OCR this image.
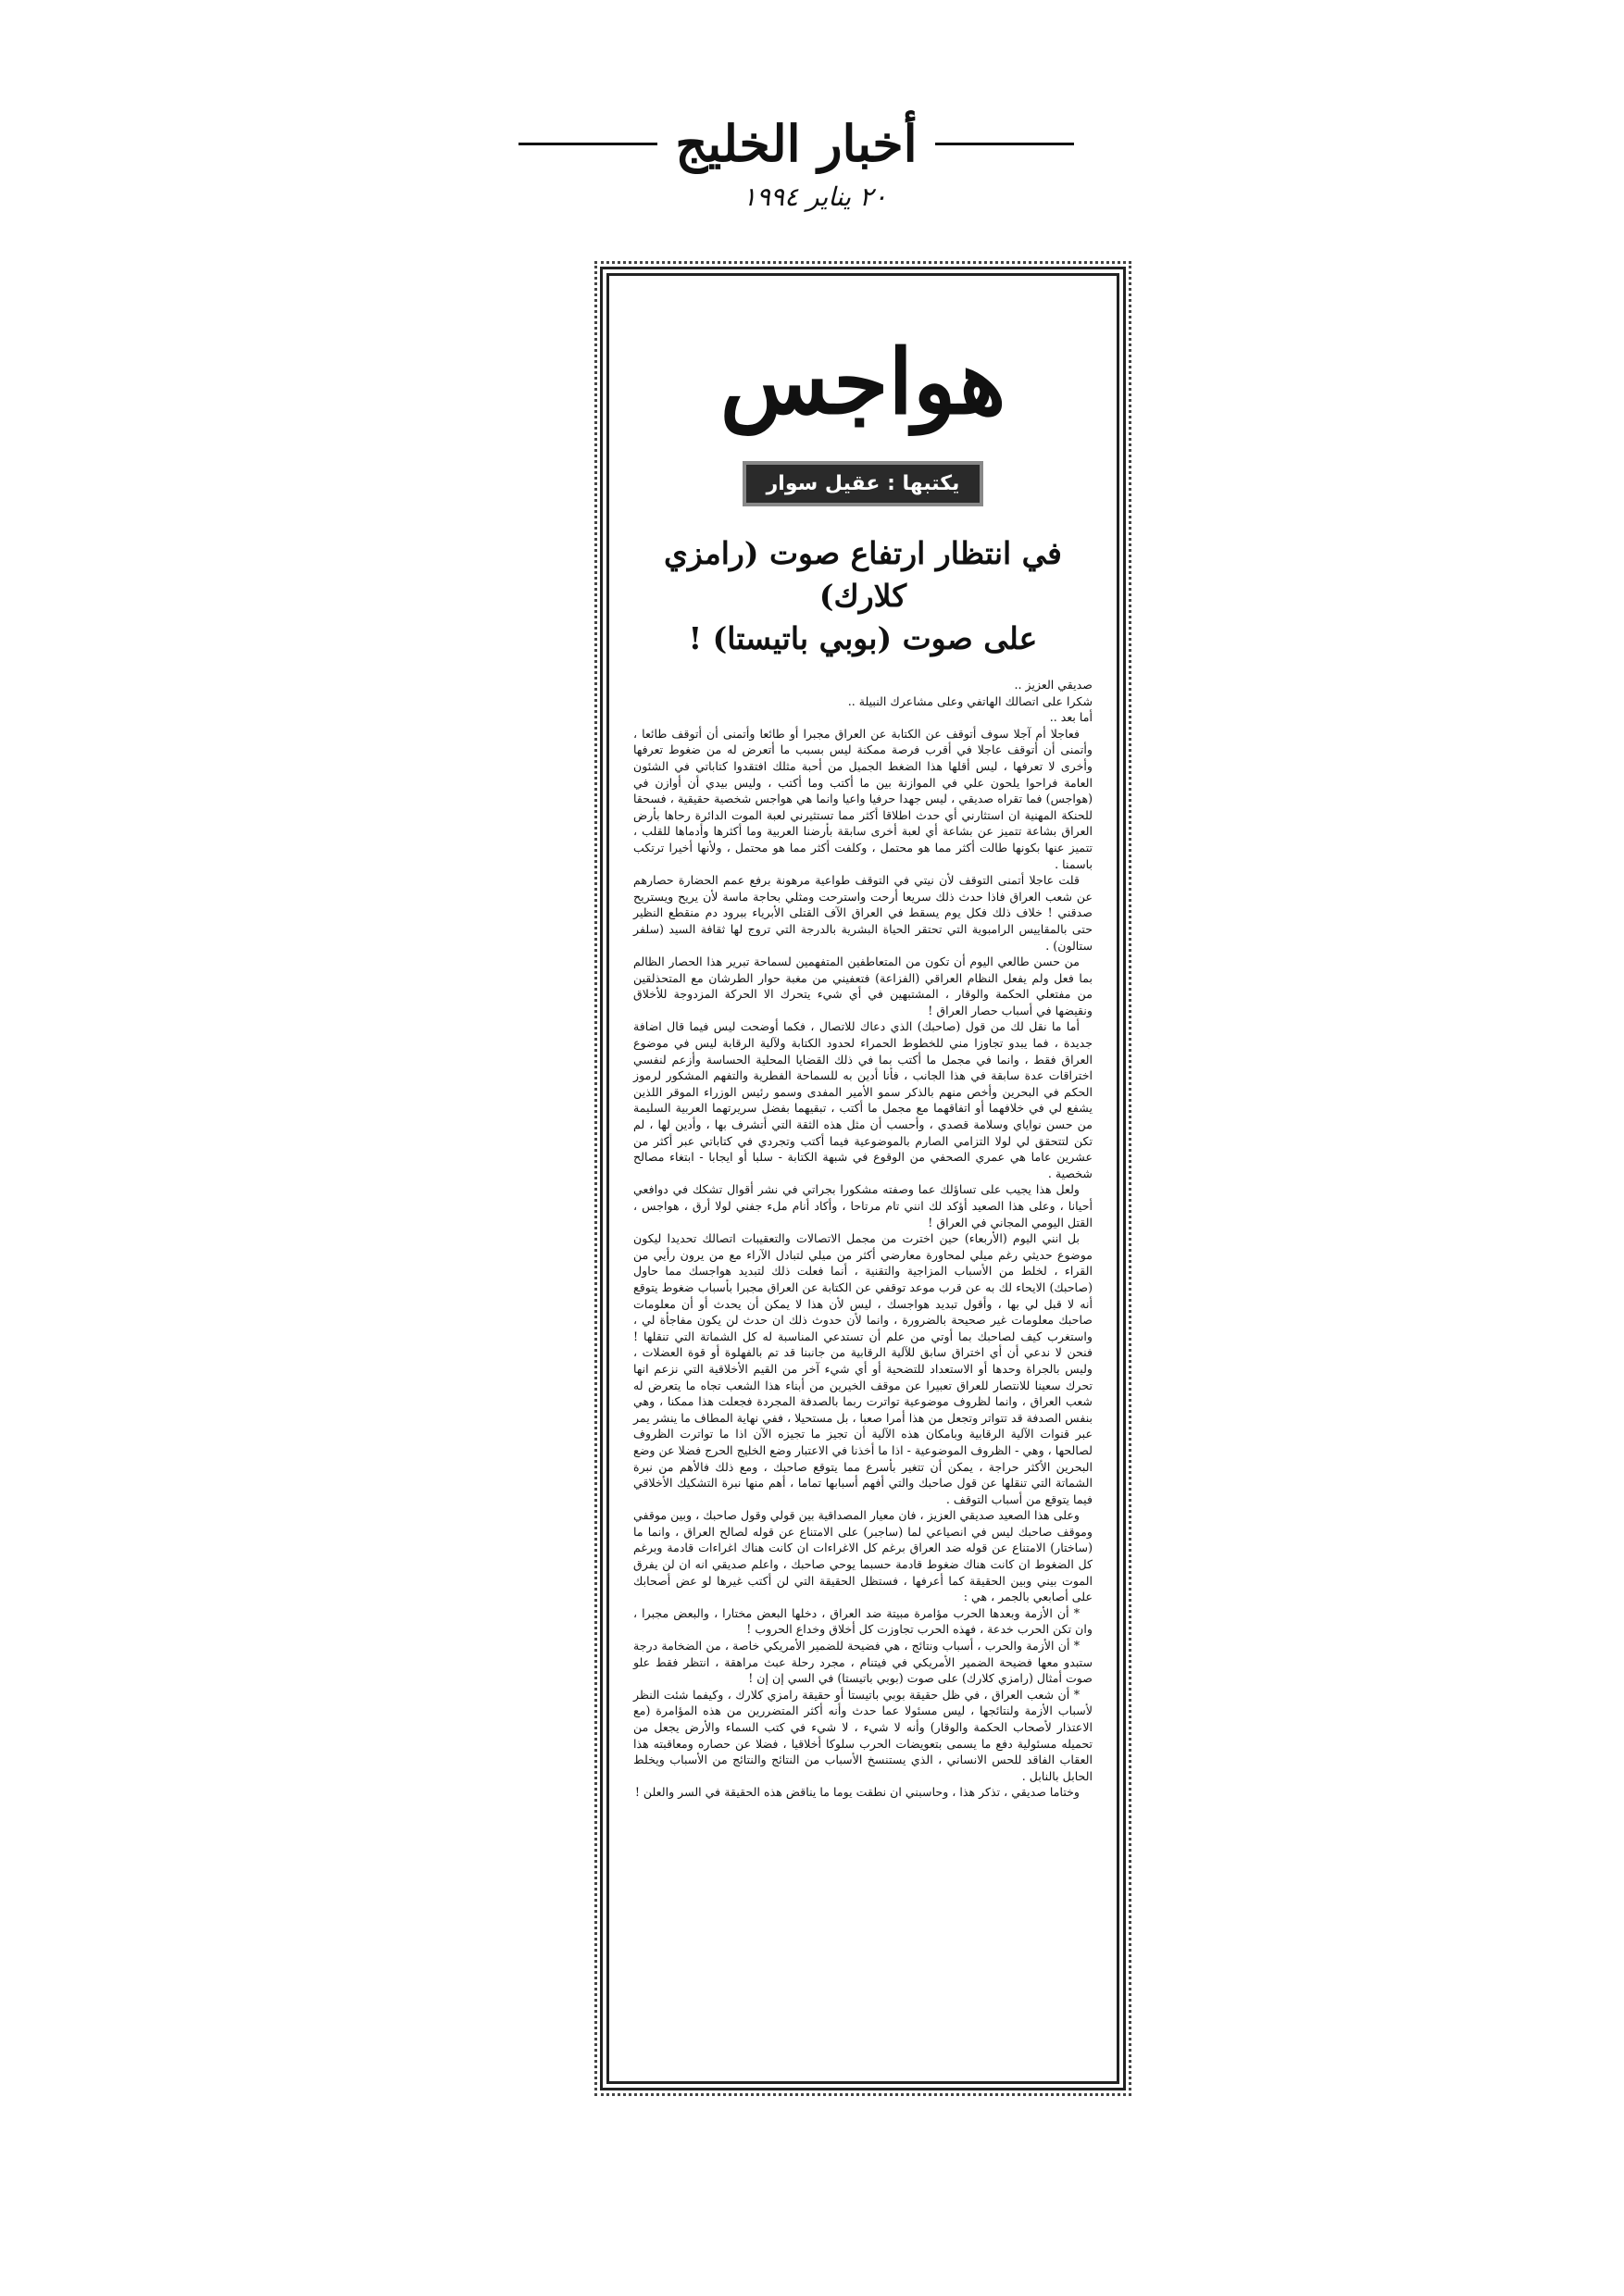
أخبار الخليج
٢٠ يناير ١٩٩٤
هواجس
يكتبها : عقيل سوار
في انتظار ارتفاع صوت (رامزي كلارك)
على صوت (بوبي باتيستا) !

صديقي العزيز ..

شكرا على اتصالك الهاتفي وعلى مشاعرك النبيلة ..

أما بعد ..

فعاجلا أم آجلا سوف أتوقف عن الكتابة عن العراق مجبرا أو طائعا وأتمنى أن أتوقف طائعا ، وأتمنى أن أتوقف عاجلا في أقرب فرصة ممكنة ليس بسبب ما أتعرض له من ضغوط تعرفها وأخرى لا تعرفها ، ليس أقلها هذا الضغط الجميل من أحبة مثلك افتقدوا كتاباتي في الشئون العامة فراحوا يلحون علي في الموازنة بين ما أكتب وما أكتب ، وليس بيدي أن أوازن في (هواجس) فما تقراه صديقي ، ليس جهدا حرفيا واعيا وانما هي هواجس شخصية حقيقية ، فسحقا للحنكة المهنية ان استثارني أي حدث اطلاقا أكثر مما تستثيرني لعبة الموت الدائرة رحاها بأرض العراق بشاعة تتميز عن بشاعة أي لعبة أخرى سابقة بأرضنا العربية وما أكثرها وأدماها للقلب ، تتميز عنها بكونها طالت أكثر مما هو محتمل ، وكلفت أكثر مما هو محتمل ، ولأنها أخيرا ترتكب باسمنا .

قلت عاجلا أتمنى التوقف لأن نيتي في التوقف طواعية مرهونة برفع عمم الحضارة حصارهم عن شعب العراق فاذا حدث ذلك سريعا أرحت واسترحت ومثلي بحاجة ماسة لأن يريح ويستريح صدقني ! خلاف ذلك فكل يوم يسقط في العراق الآف القتلى الأبرياء ببرود دم منقطع النظير حتى بالمقاييس الرامبوية التي تحتقر الحياة البشرية بالدرجة التي تروج لها ثقافة السيد (سلفر ستالون) .

من حسن طالعي اليوم أن تكون من المتعاطفين المتفهمين لسماحة تبرير هذا الحصار الظالم بما فعل ولم يفعل النظام العراقي (الفزاعة) فتعفيني من مغبة حوار الطرشان مع المتحذلقين من مفتعلي الحكمة والوقار ، المشتبهين في أي شيء يتحرك الا الحركة المزدوجة للأخلاق ونقيضها في أسباب حصار العراق !

أما ما نقل لك من قول (صاحبك) الذي دعاك للاتصال ، فكما أوضحت ليس فيما قال اضافة جديدة ، فما يبدو تجاوزا مني للخطوط الحمراء لحدود الكتابة ولآلية الرقابة ليس في موضوع العراق فقط ، وانما في مجمل ما أكتب بما في ذلك القضايا المحلية الحساسة وأزعم لنفسي اختراقات عدة سابقة في هذا الجانب ، فأنا أدين به للسماحة الفطرية والتفهم المشكور لرموز الحكم في البحرين وأخص منهم بالذكر سمو الأمير المفدى وسمو رئيس الوزراء الموقر اللذين يشفع لي في خلافهما أو اتفاقهما مع مجمل ما أكتب ، تبقيهما بفضل سريرتهما العربية السليمة من حسن نواياي وسلامة قصدي ، وأحسب أن مثل هذه الثقة التي أتشرف بها ، وأدين لها ، لم تكن لتتحقق لي لولا التزامي الصارم بالموضوعية فيما أكتب وتجردي في كتاباتي عبر أكثر من عشرين عاما هي عمري الصحفي من الوقوع في شبهة الكتابة - سلبا أو ايجابا - ابتغاء مصالح شخصية .

ولعل هذا يجيب على تساؤلك عما وصفته مشكورا بجراتي في نشر أقوال تشكك في دوافعي أحيانا ، وعلى هذا الصعيد أؤكد لك انني تام مرتاحا ، وأكاد أنام ملء جفني لولا أرق ، هواجس ، القتل اليومي المجاني في العراق !

بل انني اليوم (الأربعاء) حين اخترت من مجمل الاتصالات والتعقيبات اتصالك تحديدا ليكون موضوع حديثي رغم ميلي لمحاورة معارضي أكثر من ميلي لتبادل الآراء مع من يرون رأيي من القراء ، لخلط من الأسباب المزاجية والتقنية ، أنما فعلت ذلك لتبديد هواجسك مما حاول (صاحبك) الايحاء لك به عن قرب موعد توقفي عن الكتابة عن العراق مجبرا بأسباب ضغوط يتوقع أنه لا قبل لي بها ، وأقول تبديد هواجسك ، ليس لأن هذا لا يمكن أن يحدث أو أن معلومات صاحبك معلومات غير صحيحة بالضرورة ، وانما لأن حدوث ذلك ان حدث لن يكون مفاجأة لي ، واستغرب كيف لصاحبك بما أوتي من علم أن تستدعي المناسبة له كل الشماتة التي تنقلها ! فنحن لا ندعي أن أي اختراق سابق للآلية الرقابية من جانبنا قد تم بالفهلوة أو قوة العضلات ، وليس بالجراة وحدها أو الاستعداد للتضحية أو أي شيء آخر من القيم الأخلاقية التي نزعم انها تحرك سعينا للانتصار للعراق تعبيرا عن موقف الخيرين من أبناء هذا الشعب تجاه ما يتعرض له شعب العراق ، وانما لظروف موضوعية تواترت ربما بالصدفة المجردة فجعلت هذا ممكنا ، وهي بنفس الصدفة قد تتواتر وتجعل من هذا أمرا صعبا ، بل مستحيلا ، ففي نهاية المطاف ما ينشر يمر عبر قنوات الآلية الرقابية وبامكان هذه الآلية أن تجيز ما تجيزه الآن اذا ما تواترت الظروف لصالحها ، وهي - الظروف الموضوعية - اذا ما أخذنا في الاعتبار وضع الخليج الحرج فضلا عن وضع البحرين الأكثر حراجة ، يمكن أن تتغير بأسرع مما يتوقع صاحبك ، ومع ذلك فالأهم من نبرة الشماتة التي تنقلها عن قول صاحبك والتي أفهم أسبابها تماما ، أهم منها نبرة التشكيك الأخلاقي فيما يتوقع من أسباب التوقف .

وعلى هذا الصعيد صديقي العزيز ، فان معيار المصداقية بين قولي وقول صاحبك ، وبين موقفي وموقف صاحبك ليس في انصياعي لما (ساجبر) على الامتناع عن قوله لصالح العراق ، وانما ما (ساختار) الامتناع عن قوله ضد العراق برغم كل الاغراءات ان كانت هناك اغراءات قادمة وبرغم كل الضغوط ان كانت هناك ضغوط قادمة حسبما يوحي صاحبك ، واعلم صديقي انه ان لن يفرق الموت بيني وبين الحقيقة كما أعرفها ، فستظل الحقيقة التي لن أكتب غيرها لو عض أصحابك على أصابعي بالجمر ، هي :

* أن الأزمة وبعدها الحرب مؤامرة مبيتة ضد العراق ، دخلها البعض مختارا ، والبعض مجبرا ، وان تكن الحرب خدعة ، فهذه الحرب تجاوزت كل أخلاق وخداع الحروب !

* أن الأزمة والحرب ، أسباب ونتائج ، هي فضيحة للضمير الأمريكي خاصة ، من الضخامة درجة ستبدو معها فضيحة الضمير الأمريكي في فيتنام ، مجرد رحلة عبث مراهقة ، انتظر فقط علو صوت أمثال (رامزي كلارك) على صوت (بوبي باتيستا) في السي إن إن !

* أن شعب العراق ، في ظل حقيقة بوبي باتيستا أو حقيقة رامزي كلارك ، وكيفما شئت النظر لأسباب الأزمة ولنتائجها ، ليس مسئولا عما حدث وأنه أكثر المتضررين من هذه المؤامرة (مع الاعتذار لأصحاب الحكمة والوقار) وأنه لا شيء ، لا شيء في كتب السماء والأرض يجعل من تحميله مسئولية دفع ما يسمى بتعويضات الحرب سلوكا أخلاقيا ، فضلا عن حصاره ومعاقبته هذا العقاب الفاقد للحس الانساني ، الذي يستنسخ الأسباب من النتائج والنتائج من الأسباب ويخلط الحابل بالنابل .

وختاما صديقي ، تذكر هذا ، وحاسبني ان نطقت يوما ما يناقض هذه الحقيقة في السر والعلن !
